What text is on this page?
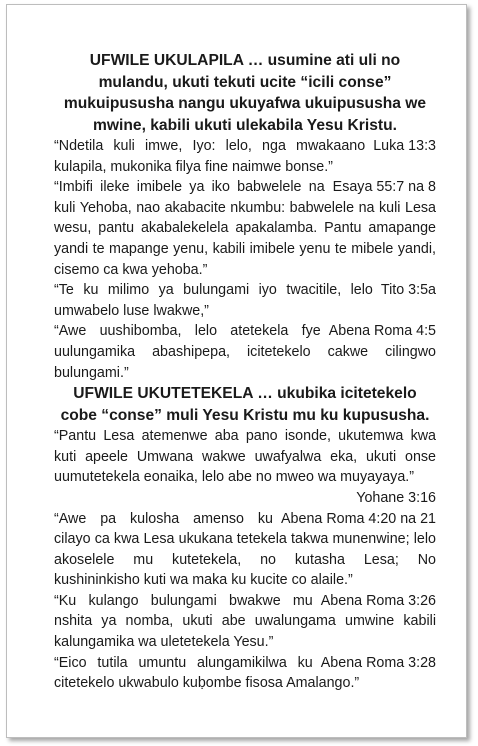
UFWILE UKULAPILA … usumine ati uli no mulandu, ukuti tekuti ucite “icili conse” mukuipususha nangu ukuyafwa ukuipususha we mwine, kabili ukuti ulekabila Yesu Kristu.

Luka 13:3
“Ndetila kuli imwe, Iyo: lelo, nga mwakaano kulapila, mukonika filya fine naimwe bonse.”

Esaya 55:7 na 8
“Imbifi ileke imibele ya iko babwelele na kuli Yehoba, nao akabacite nkumbu: babwelele na kuli Lesa wesu, pantu akabalekelela apakalamba. Pantu amapange yandi te mapange yenu, kabili imibele yenu te mibele yandi, cisemo ca kwa yehoba.”

Tito 3:5a
“Te ku milimo ya bulungami iyo twacitile, lelo umwabelo luse lwakwe,”

Abena Roma 4:5
“Awe uushibomba, lelo atetekela fye uulungamika abashipepa, icitetekelo cakwe cilingwo bulungami.”

UFWILE UKUTETEKELA … ukubika icitetekelo cobe “conse” muli Yesu Kristu mu ku kupususha.

“Pantu Lesa atemenwe aba pano isonde, ukutemwa kwa kuti apeele Umwana wakwe uwafyalwa eka, ukuti onse uumutetekela eonaika, lelo abe no mweo wa muyayaya.”

Yohane 3:16

Abena Roma 4:20 na 21
“Awe pa kulosha amenso ku cilayo ca kwa Lesa ukukana tetekela takwa munenwine; lelo akoselele mu kutetekela, no kutasha Lesa; No kushininkisho kuti wa maka ku kucite co alaile.”

Abena Roma 3:26
“Ku kulango bulungami bwakwe mu nshita ya nomba, ukuti abe uwalungama umwine kabili kalungamika wa uletetekela Yesu.”

Abena Roma 3:28
“Eico tutila umuntu alungamikilwa ku citetekelo ukwabulo kuḅombe fisosa Amalango.”
